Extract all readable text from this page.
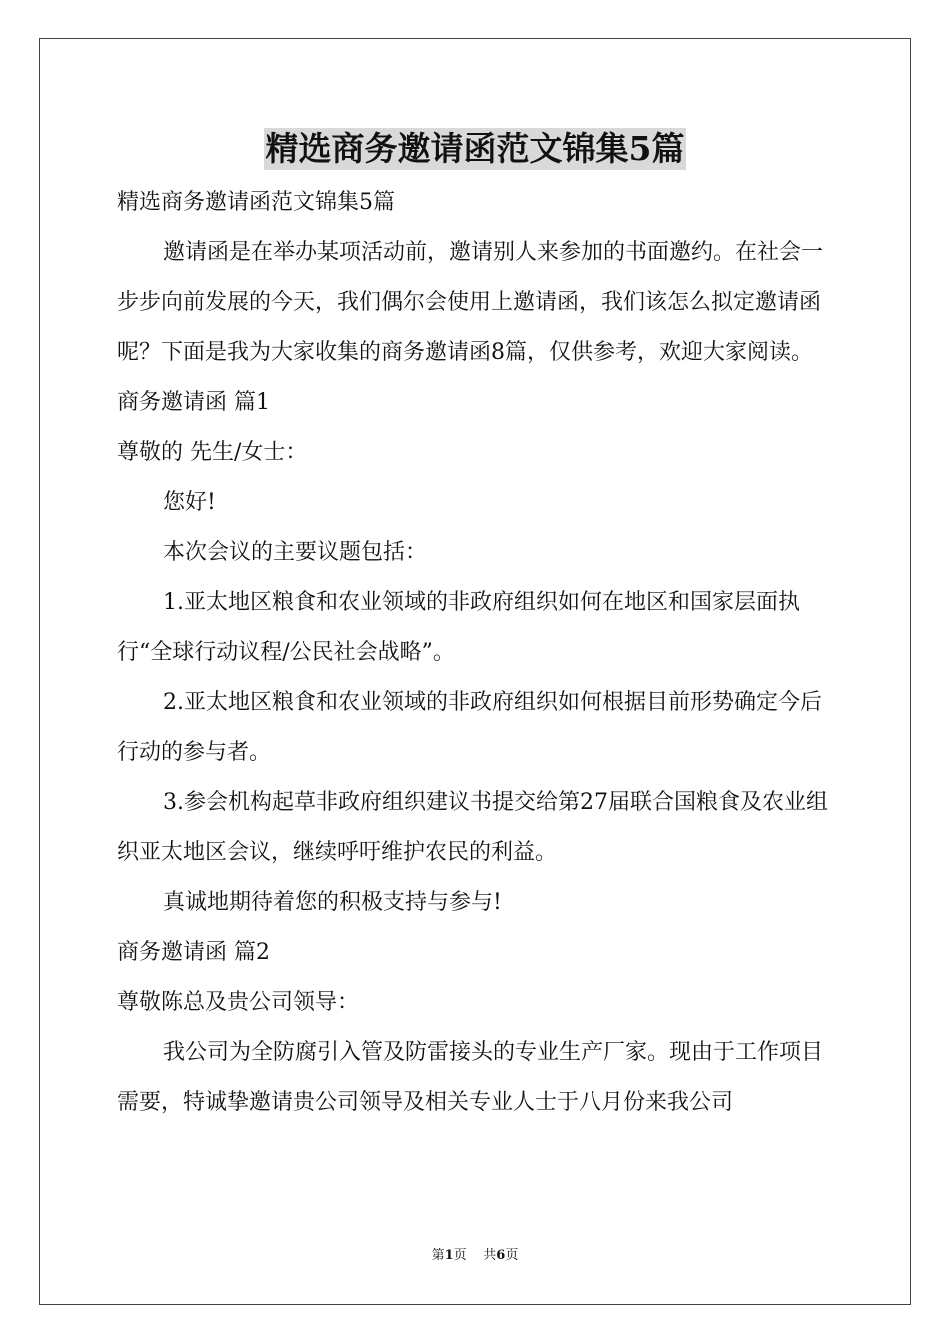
精选商务邀请函范文锦集5篇

精选商务邀请函范文锦集5篇

邀请函是在举办某项活动前，邀请别人来参加的书面邀约。在社会一步步向前发展的今天，我们偶尔会使用上邀请函，我们该怎么拟定邀请函呢？下面是我为大家收集的商务邀请函8篇，仅供参考，欢迎大家阅读。

商务邀请函 篇1

尊敬的 先生/女士：

您好!

本次会议的主要议题包括：

1.亚太地区粮食和农业领域的非政府组织如何在地区和国家层面执行“全球行动议程/公民社会战略”。

2.亚太地区粮食和农业领域的非政府组织如何根据目前形势确定今后行动的参与者。

3.参会机构起草非政府组织建议书提交给第27届联合国粮食及农业组织亚太地区会议，继续呼吁维护农民的利益。

真诚地期待着您的积极支持与参与!

商务邀请函 篇2

尊敬陈总及贵公司领导：

我公司为全防腐引入管及防雷接头的专业生产厂家。现由于工作项目需要，特诚挚邀请贵公司领导及相关专业人士于八月份来我公司

第1页 共6页
